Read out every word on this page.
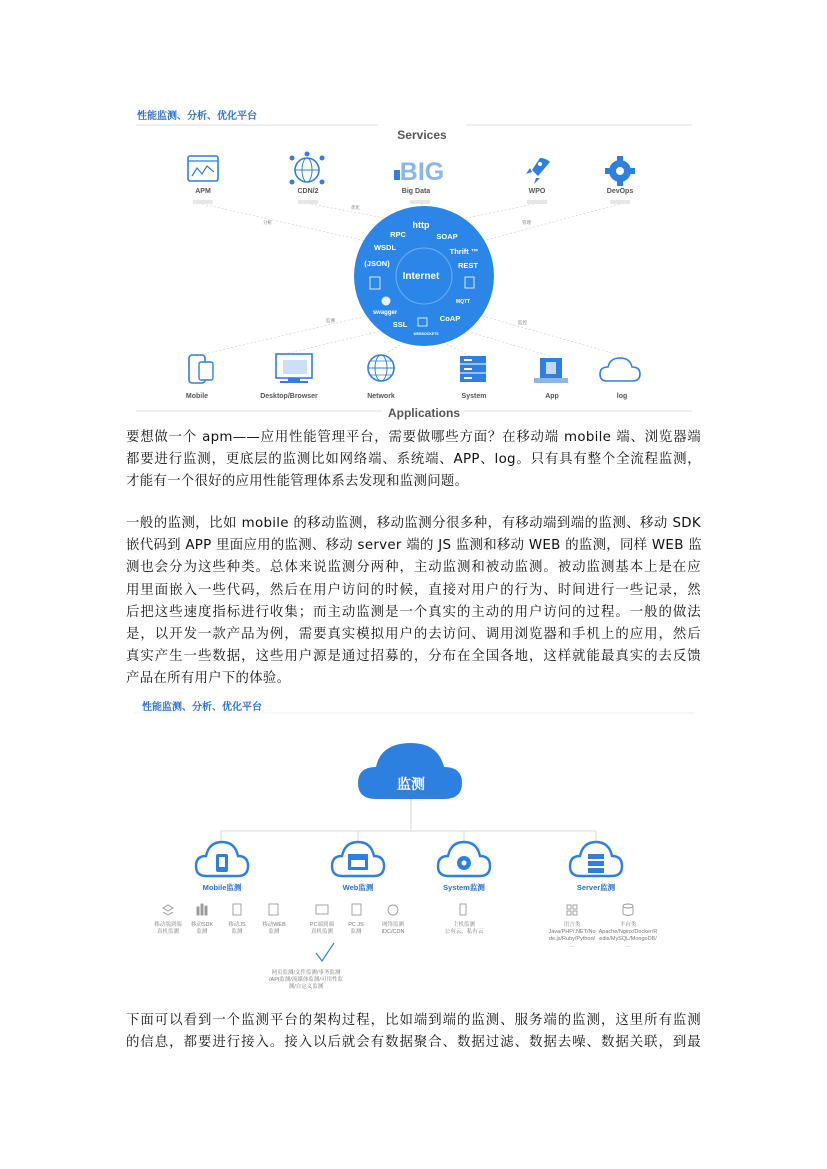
性能监测、分析、优化平台
Services
分析
优化
管理
监测	监控
APM	CDN/2
BIG
Big Data	WPO	DevOps
Internet
http
SOAP
RPC
WSDL	Thrift ™
(JSON)	REST
swagger
SSL
CoAP
MQTT
WEBSOCKETS
Mobile	Desktop/Browser	Network	System	App	log
Applications
要想做一个 apm——应用性能管理平台，需要做哪些方面？在移动端 mobile 端、浏览器端
都要进行监测，更底层的监测比如网络端、系统端、APP、log。只有具有整个全流程监测，
才能有一个很好的应用性能管理体系去发现和监测问题。
一般的监测，比如 mobile 的移动监测，移动监测分很多种，有移动端到端的监测、移动 SDK
嵌代码到 APP 里面应用的监测、移动 server 端的 JS 监测和移动 WEB 的监测，同样 WEB 监
测也会分为这些种类。总体来说监测分两种，主动监测和被动监测。被动监测基本上是在应
用里面嵌入一些代码，然后在用户访问的时候，直接对用户的行为、时间进行一些记录，然
后把这些速度指标进行收集；而主动监测是一个真实的主动的用户访问的过程。一般的做法
是，以开发一款产品为例，需要真实模拟用户的去访问、调用浏览器和手机上的应用，然后
真实产生一些数据，这些用户源是通过招募的，分布在全国各地，这样就能最真实的去反馈
产品在所有用户下的体验。
性能监测、分析、优化平台
监测
Mobile监测	Web监测	System监测	Server监测
移动端到端
真机监测
移动SDK
监测
移动JS
监测
移动WEB
监测
PC端到端
真机监测
PC JS
监测
网络监测
IDC/CDN
主机监测
公有云、私有云
语言类
Java/PHP/.NET/No
de.js/Ruby/Python/
…
平台类
Apache/Nginx/Docker/R
edis/MySQL/MongoDB/
…
网页监测/文件监测/事务监测
/API监测/流媒体监测/可用性监
测/自定义监测
下面可以看到一个监测平台的架构过程，比如端到端的监测、服务端的监测，这里所有监测
的信息，都要进行接入。接入以后就会有数据聚合、数据过滤、数据去噪、数据关联，到最
